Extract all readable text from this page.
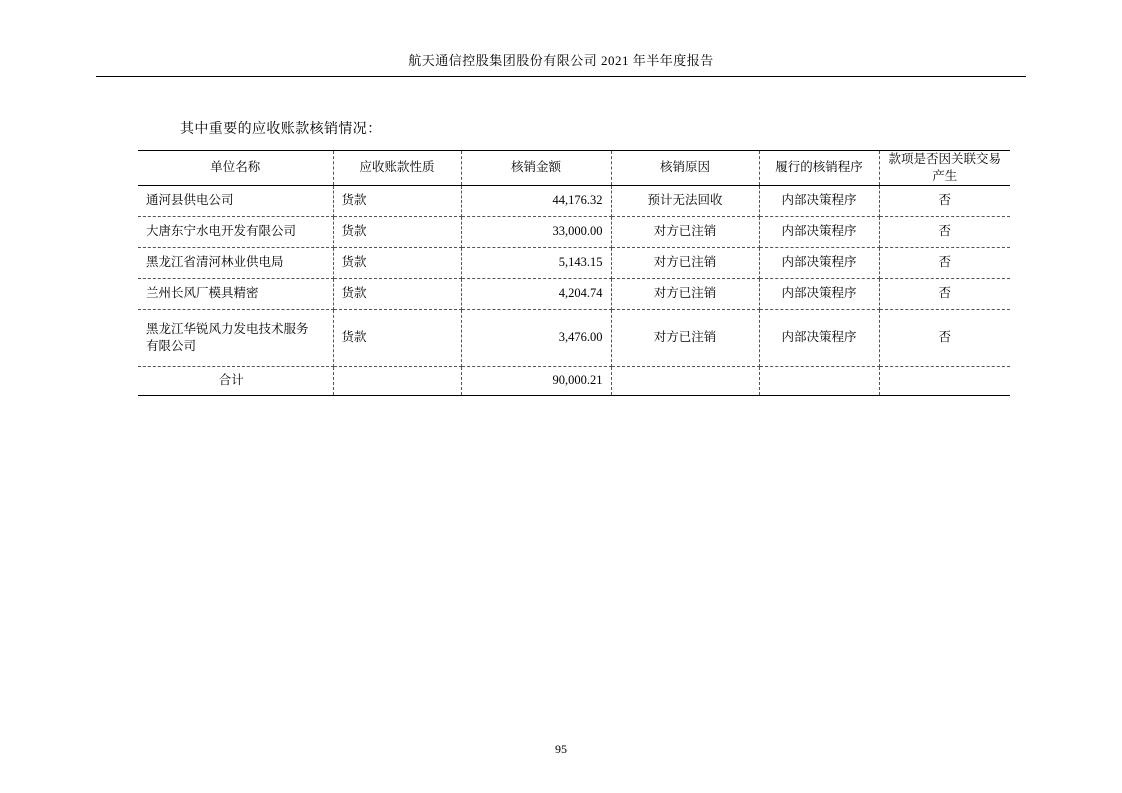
航天通信控股集团股份有限公司 2021 年半年度报告
其中重要的应收账款核销情况：
单位名称	应收账款性质	核销金额	核销原因	履行的核销程序	款项是否因关联交易产生
通河县供电公司	货款	44,176.32	预计无法回收	内部决策程序	否
大唐东宁水电开发有限公司	货款	33,000.00	对方已注销	内部决策程序	否
黑龙江省清河林业供电局	货款	5,143.15	对方已注销	内部决策程序	否
兰州长风厂模具精密	货款	4,204.74	对方已注销	内部决策程序	否

黑龙江华锐风力发电技术服务
有限公司	货款	3,476.00	对方已注销	内部决策程序	否
合计		90,000.21			
95
